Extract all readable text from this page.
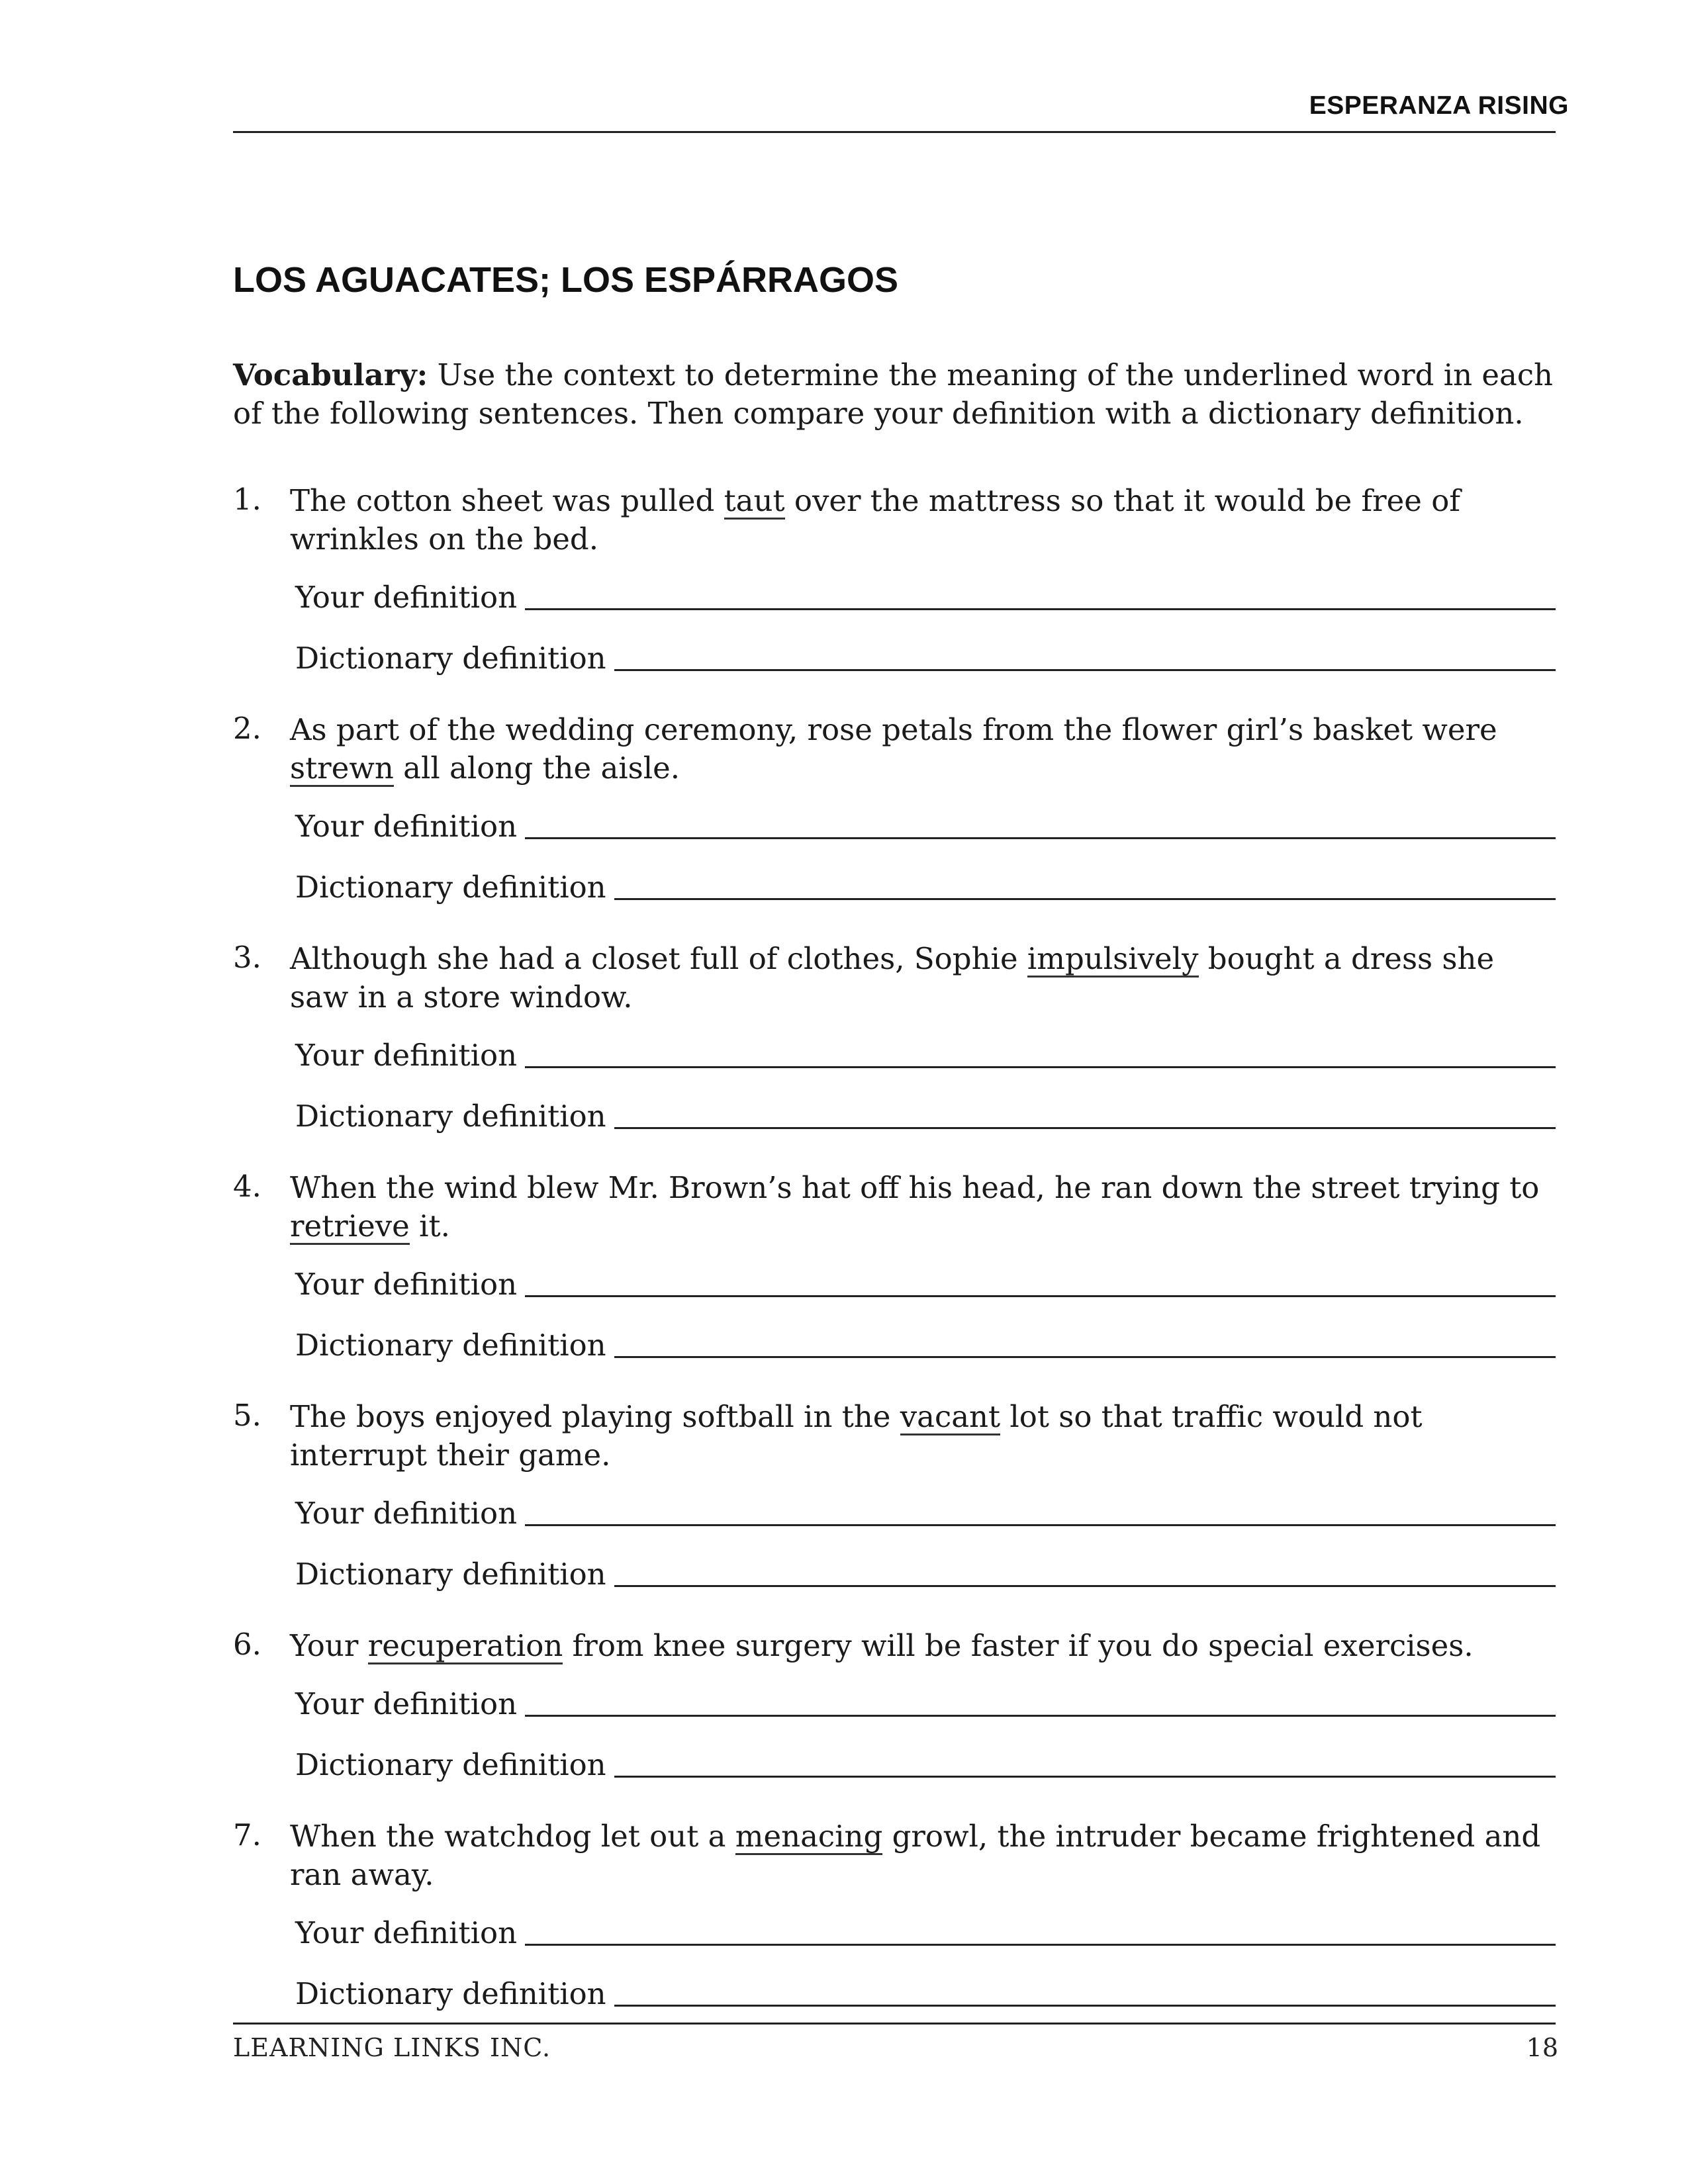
ESPERANZA RISING
LOS AGUACATES; LOS ESPÁRRAGOS
Vocabulary: Use the context to determine the meaning of the underlined word in each of the following sentences. Then compare your definition with a dictionary definition.
1. The cotton sheet was pulled taut over the mattress so that it would be free of wrinkles on the bed.
Your definition
Dictionary definition
2. As part of the wedding ceremony, rose petals from the flower girl’s basket were strewn all along the aisle.
Your definition
Dictionary definition
3. Although she had a closet full of clothes, Sophie impulsively bought a dress she saw in a store window.
Your definition
Dictionary definition
4. When the wind blew Mr. Brown’s hat off his head, he ran down the street trying to retrieve it.
Your definition
Dictionary definition
5. The boys enjoyed playing softball in the vacant lot so that traffic would not interrupt their game.
Your definition
Dictionary definition
6. Your recuperation from knee surgery will be faster if you do special exercises.
Your definition
Dictionary definition
7. When the watchdog let out a menacing growl, the intruder became frightened and ran away.
Your definition
Dictionary definition
LEARNING LINKS INC.	18
